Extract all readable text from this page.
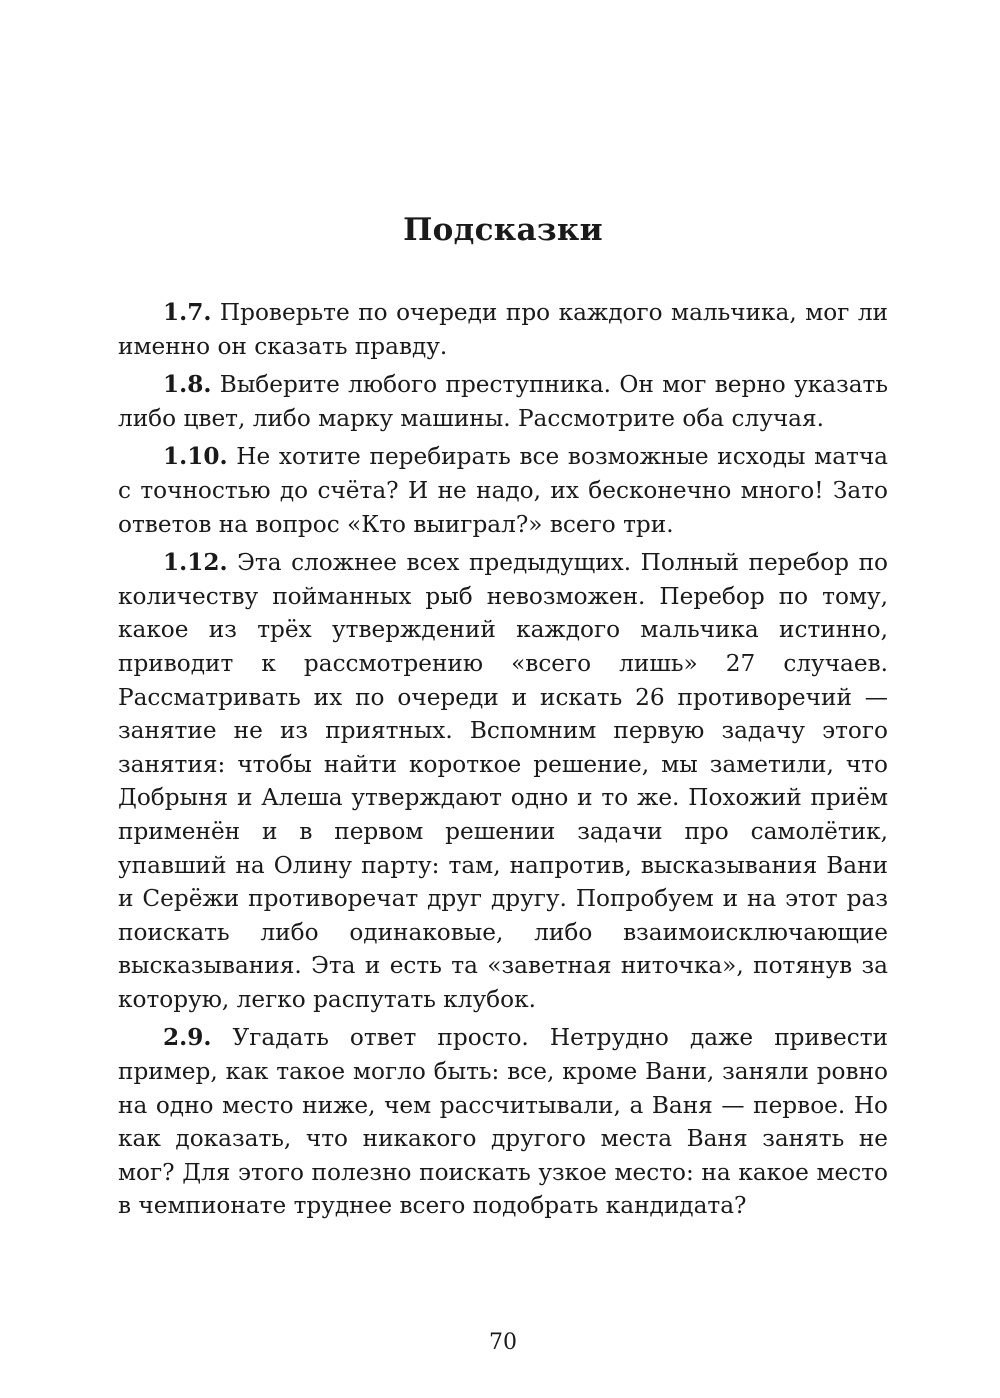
Подсказки

1.7. Проверьте по очереди про каждого мальчика, мог ли именно он сказать правду.

1.8. Выберите любого преступника. Он мог верно указать либо цвет, либо марку машины. Рассмотрите оба случая.

1.10. Не хотите перебирать все возможные исходы матча с точностью до счёта? И не надо, их бесконечно много! Зато ответов на вопрос «Кто выиграл?» всего три.

1.12. Эта сложнее всех предыдущих. Полный перебор по количеству пойманных рыб невозможен. Перебор по тому, какое из трёх утверждений каждого мальчика истинно, приводит к рассмотрению «всего лишь» 27 случаев. Рассматривать их по очереди и искать 26 противоречий — занятие не из приятных. Вспомним первую задачу этого занятия: чтобы найти короткое решение, мы заметили, что Добрыня и Алеша утверждают одно и то же. Похожий приём применён и в первом решении задачи про самолётик, упавший на Олину парту: там, напротив, высказывания Вани и Серёжи противоречат друг другу. Попробуем и на этот раз поискать либо одинаковые, либо взаимоисключающие высказывания. Эта и есть та «заветная ниточка», потянув за которую, легко распутать клубок.

2.9. Угадать ответ просто. Нетрудно даже привести пример, как такое могло быть: все, кроме Вани, заняли ровно на одно место ниже, чем рассчитывали, а Ваня — первое. Но как доказать, что никакого другого места Ваня занять не мог? Для этого полезно поискать узкое место: на какое место в чемпионате труднее всего подобрать кандидата?

70
